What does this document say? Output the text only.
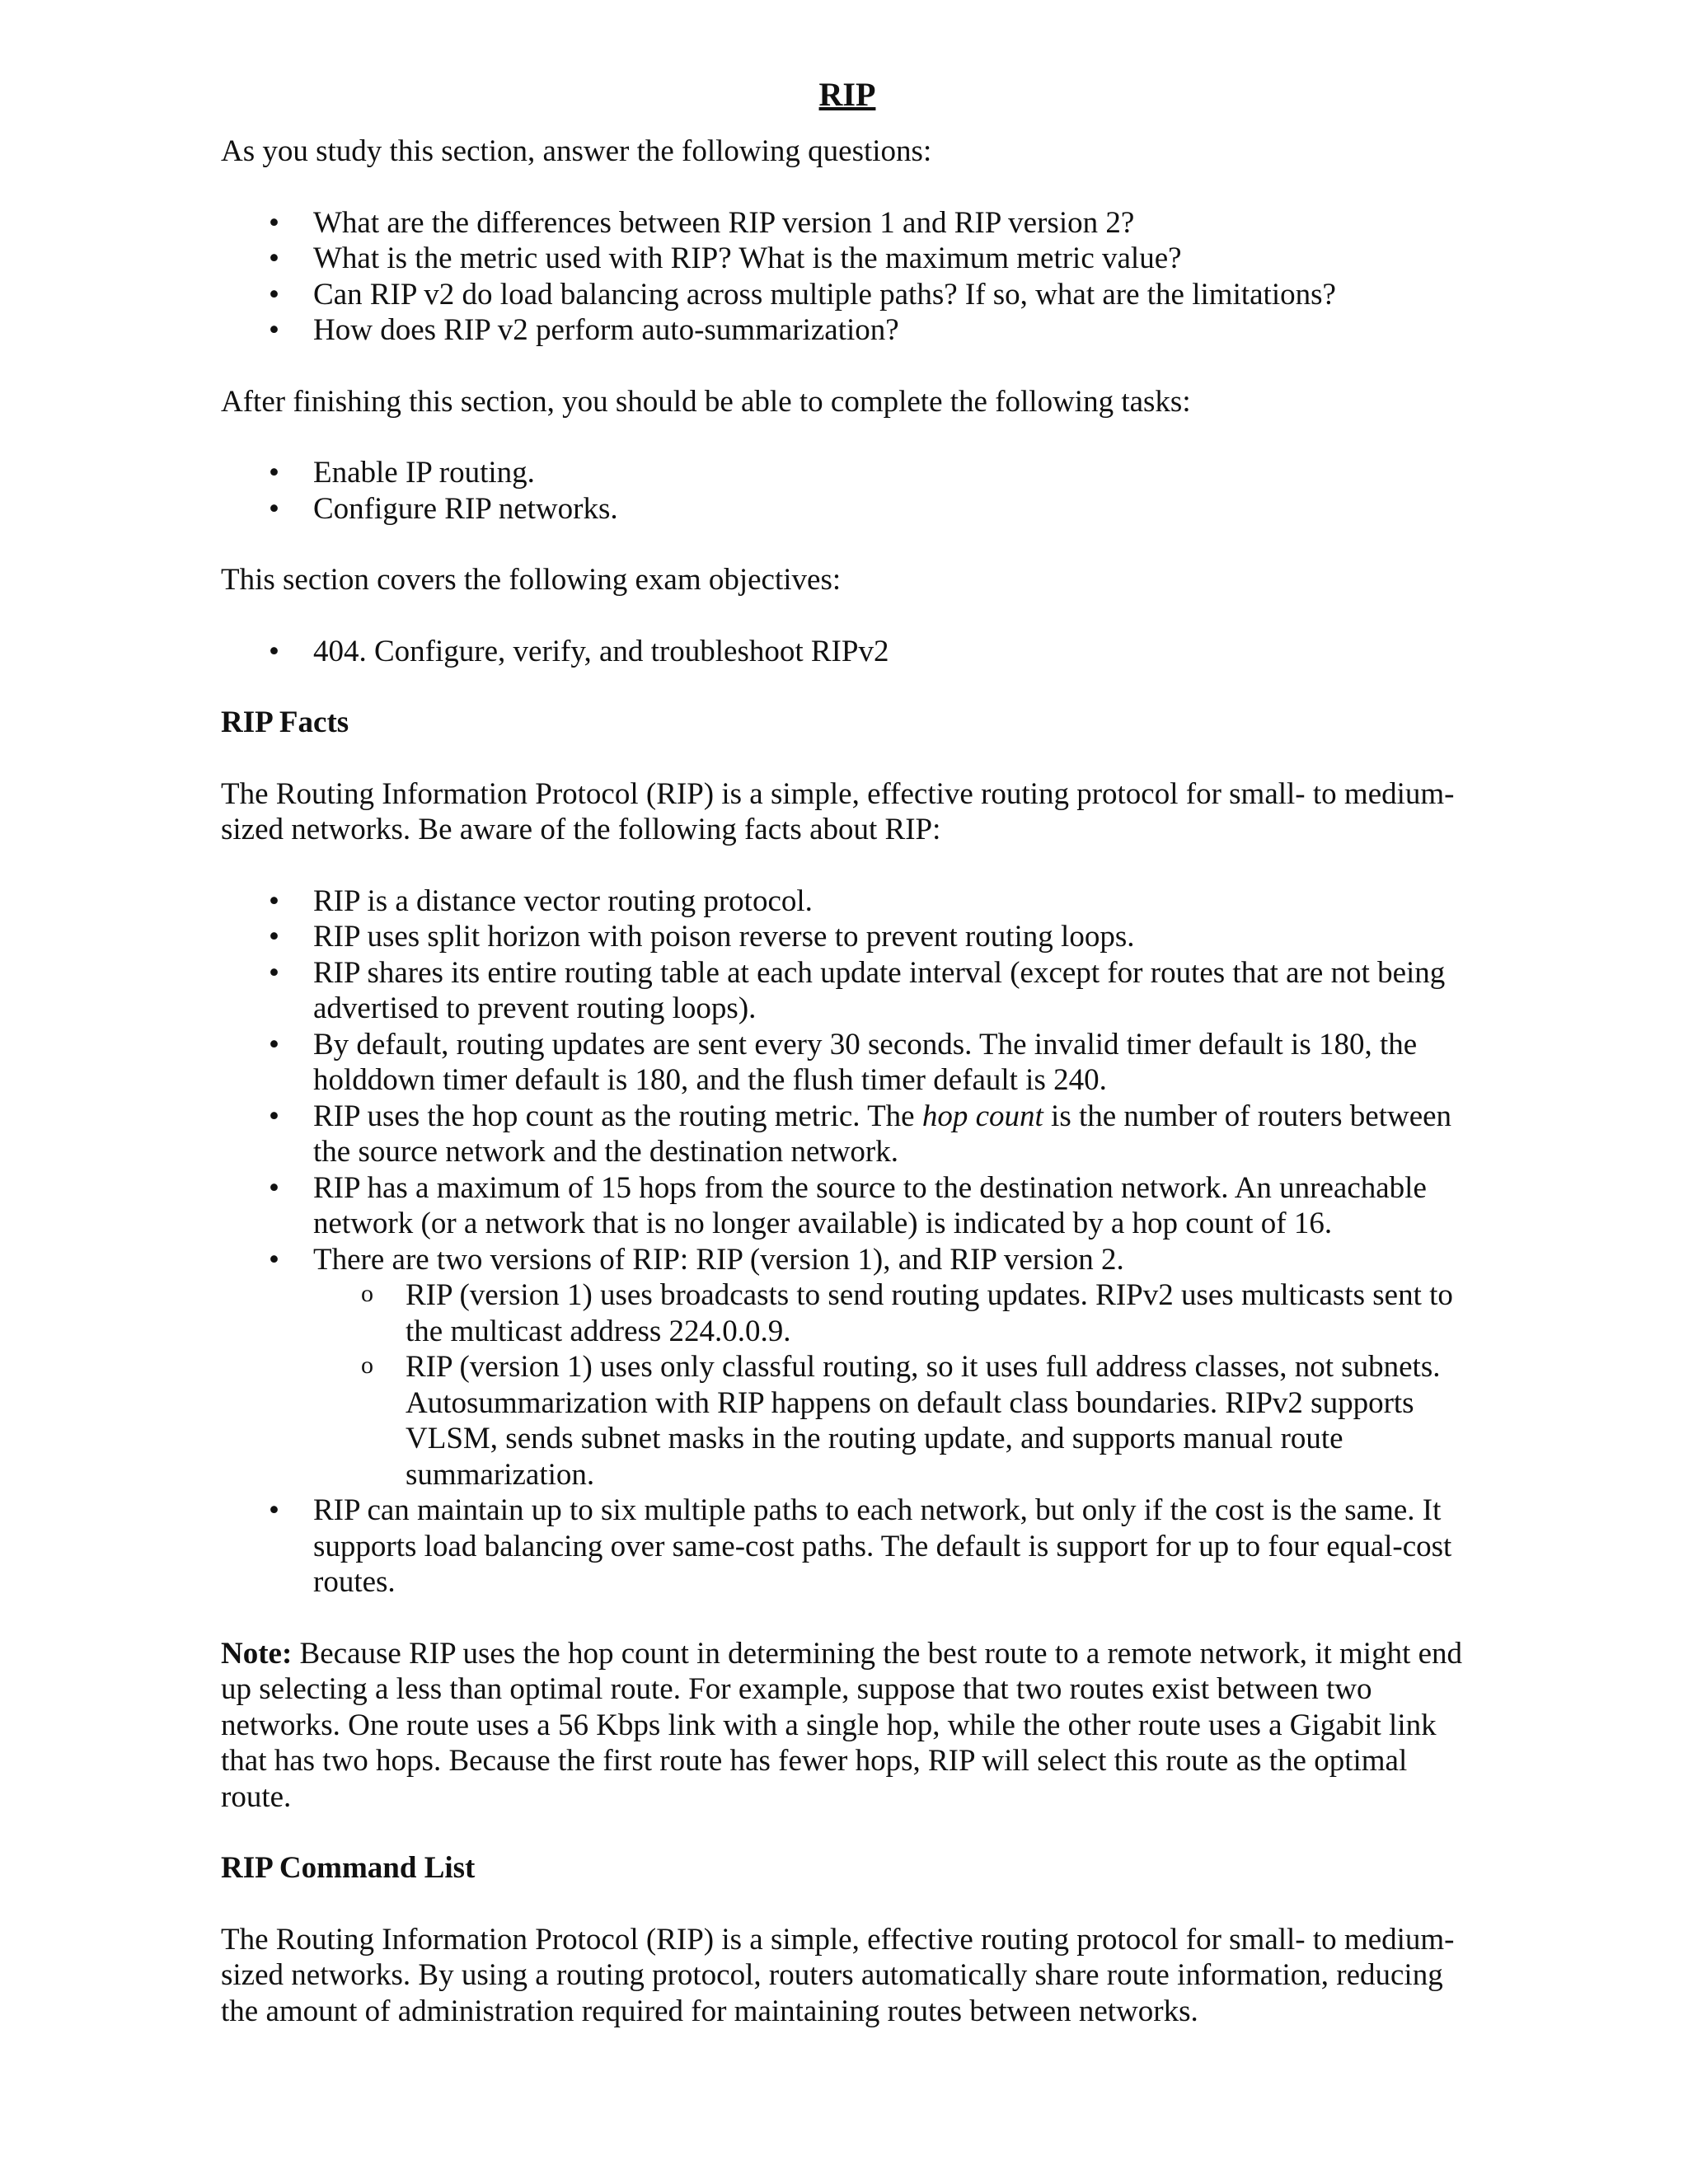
RIP

As you study this section, answer the following questions:

• What are the differences between RIP version 1 and RIP version 2?
• What is the metric used with RIP? What is the maximum metric value?
• Can RIP v2 do load balancing across multiple paths? If so, what are the limitations?
• How does RIP v2 perform auto-summarization?

After finishing this section, you should be able to complete the following tasks:

• Enable IP routing.
• Configure RIP networks.

This section covers the following exam objectives:

• 404. Configure, verify, and troubleshoot RIPv2

RIP Facts

The Routing Information Protocol (RIP) is a simple, effective routing protocol for small- to medium-sized networks. Be aware of the following facts about RIP:

• RIP is a distance vector routing protocol.
• RIP uses split horizon with poison reverse to prevent routing loops.
• RIP shares its entire routing table at each update interval (except for routes that are not being advertised to prevent routing loops).
• By default, routing updates are sent every 30 seconds. The invalid timer default is 180, the holddown timer default is 180, and the flush timer default is 240.
• RIP uses the hop count as the routing metric. The hop count is the number of routers between the source network and the destination network.
• RIP has a maximum of 15 hops from the source to the destination network. An unreachable network (or a network that is no longer available) is indicated by a hop count of 16.
• There are two versions of RIP: RIP (version 1), and RIP version 2.
o RIP (version 1) uses broadcasts to send routing updates. RIPv2 uses multicasts sent to the multicast address 224.0.0.9.
o RIP (version 1) uses only classful routing, so it uses full address classes, not subnets. Autosummarization with RIP happens on default class boundaries. RIPv2 supports VLSM, sends subnet masks in the routing update, and supports manual route summarization.
• RIP can maintain up to six multiple paths to each network, but only if the cost is the same. It supports load balancing over same-cost paths. The default is support for up to four equal-cost routes.

Note: Because RIP uses the hop count in determining the best route to a remote network, it might end up selecting a less than optimal route. For example, suppose that two routes exist between two networks. One route uses a 56 Kbps link with a single hop, while the other route uses a Gigabit link that has two hops. Because the first route has fewer hops, RIP will select this route as the optimal route.

RIP Command List

The Routing Information Protocol (RIP) is a simple, effective routing protocol for small- to medium-sized networks. By using a routing protocol, routers automatically share route information, reducing the amount of administration required for maintaining routes between networks.
